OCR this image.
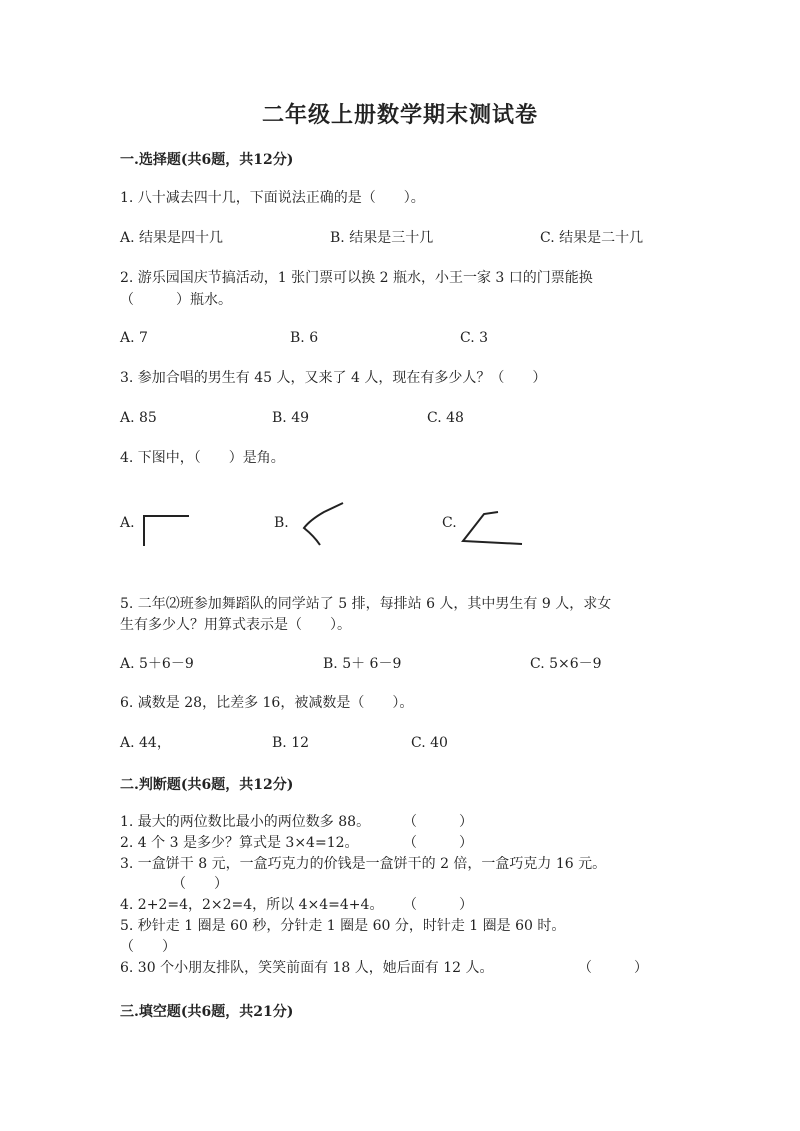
二年级上册数学期末测试卷
一.选择题(共6题，共12分)
1. 八十减去四十几，下面说法正确的是（　　）。
A. 结果是四十几	B. 结果是三十几	C. 结果是二十几
2. 游乐园国庆节搞活动，1 张门票可以换 2 瓶水，小王一家 3 口的门票能换
（　　　）瓶水。
A. 7	B. 6	C. 3
3. 参加合唱的男生有 45 人，又来了 4 人，现在有多少人？（　　）
A. 85	B. 49	C. 48
4. 下图中，（　　）是角。
A.	B.	C.
5. 二年⑵班参加舞蹈队的同学站了 5 排，每排站 6 人，其中男生有 9 人，求女
生有多少人？用算式表示是（　　）。
A. 5＋6－9	B. 5＋ 6－9	C. 5×6－9
6. 减数是 28，比差多 16，被减数是（　　）。
A. 44，	B. 12	C. 40
二.判断题(共6题，共12分)
1. 最大的两位数比最小的两位数多 88。 （　　　）
2. 4 个 3 是多少？算式是 3×4=12。	（　　　）
3. 一盒饼干 8 元，一盒巧克力的价钱是一盒饼干的 2 倍，一盒巧克力 16 元。
（　　）
4. 2+2=4，2×2=4，所以 4×4=4+4。 （　　　）
5. 秒针走 1 圈是 60 秒，分针走 1 圈是 60 分，时针走 1 圈是 60 时。
（　　）
6. 30 个小朋友排队，笑笑前面有 18 人，她后面有 12 人。	（　　　）
三.填空题(共6题，共21分)
